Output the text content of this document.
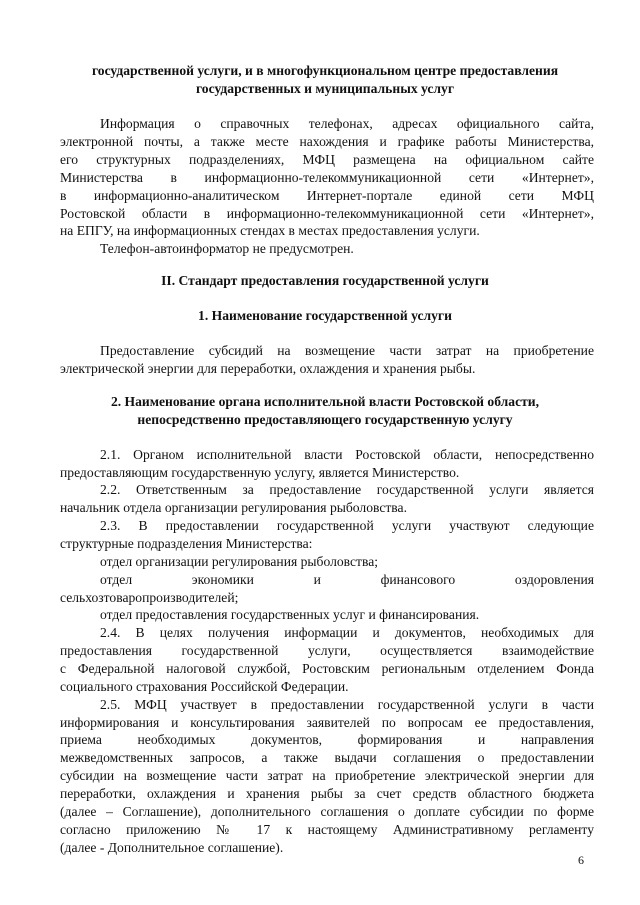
государственной услуги, и в многофункциональном центре предоставления

государственных и муниципальных услуг

Информация о справочных телефонах, адресах официального сайта,

электронной почты, а также месте нахождения и графике работы Министерства,

его структурных подразделениях, МФЦ размещена на официальном сайте

Министерства в информационно-телекоммуникационной сети «Интернет»,

в информационно-аналитическом Интернет-портале единой сети МФЦ

Ростовской области в информационно-телекоммуникационной сети «Интернет»,

на ЕПГУ, на информационных стендах в местах предоставления услуги.

Телефон-автоинформатор не предусмотрен.

II. Стандарт предоставления государственной услуги

1. Наименование государственной услуги

Предоставление субсидий на возмещение части затрат на приобретение

электрической энергии для переработки, охлаждения и хранения рыбы.

2. Наименование органа исполнительной власти Ростовской области,

непосредственно предоставляющего государственную услугу

2.1. Органом исполнительной власти Ростовской области, непосредственно

предоставляющим государственную услугу, является Министерство.

2.2. Ответственным за предоставление государственной услуги является

начальник отдела организации регулирования рыболовства.

2.3. В предоставлении государственной услуги участвуют следующие

структурные подразделения Министерства:

отдел организации регулирования рыболовства;

отдел экономики и финансового оздоровления

сельхозтоваропроизводителей;

отдел предоставления государственных услуг и финансирования.

2.4. В целях получения информации и документов, необходимых для

предоставления государственной услуги, осуществляется взаимодействие

с Федеральной налоговой службой, Ростовским региональным отделением Фонда

социального страхования Российской Федерации.

2.5. МФЦ участвует в предоставлении государственной услуги в части

информирования и консультирования заявителей по вопросам ее предоставления,

приема необходимых документов, формирования и направления

межведомственных запросов, а также выдачи соглашения о предоставлении

субсидии на возмещение части затрат на приобретение электрической энергии для

переработки, охлаждения и хранения рыбы за счет средств областного бюджета

(далее – Соглашение), дополнительного соглашения о доплате субсидии по форме

согласно приложению № 17 к настоящему Административному регламенту

(далее - Дополнительное соглашение).

6
